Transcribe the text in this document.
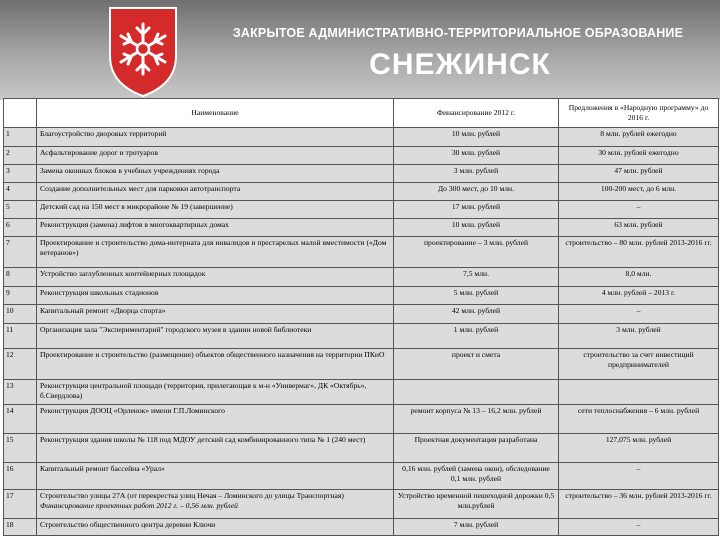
ЗАКРЫТОЕ АДМИНИСТРАТИВНО-ТЕРРИТОРИАЛЬНОЕ ОБРАЗОВАНИЕ
СНЕЖИНСК
	Наименование	Финансирование 2012 г.	Предложения в «Народную программу» до 2016 г.
1	Благоустройство дворовых территорий	10 млн. рублей	8 млн. рублей ежегодно
2	Асфальтирование дорог и тротуаров	30 млн. рублей	30 млн. рублей ежегодно
3	Замена оконных блоков в учебных учреждениях города	3 млн. рублей	47 млн. рублей
4	Создание дополнительных мест для парковки автотранспорта	До 300 мест, до 10 млн.	100-200 мест, до 6 млн.
5	Детский сад на 150 мест в микрорайоне № 19 (завершение)	17 млн. рублей	–
6	Реконструкция (замена) лифтов в многоквартирных домах	10 млн. рублей	63 млн. рублей
7	Проектирование и строительство дома-интерната для инвалидов и престарелых малой вместимости («Дом ветеранов»)	проектирование – 3 млн. рублей	строительство – 80 млн. рублей 2013-2016 гг.
8	Устройство заглубленных контейнерных площадок	7,5 млн.	8,0 млн.
9	Реконструкция школьных стадионов	5 млн. рублей	4 млн. рублей – 2013 г.
10	Капитальный ремонт «Дворца спорта»	42 млн. рублей	–
11	Организация зала "Экспериментарий" городского музея в здании новой библиотеки	1 млн. рублей	3 млн. рублей
12	Проектирование и строительство (размещение) объектов общественного назначения на территории ПКиО	проект и смета	строительство за счет инвестиций предпринимателей
13	Реконструкция центральной площади (территория, прилегающая к м-н «Универмаг», ДК «Октябрь», б.Свердлова)		
14	Реконструкция ДООЦ «Орленок» имени Г.П.Ломинского	ремонт корпуса № 13 – 16,2 млн. рублей	сети теплоснабжения – 6 млн. рублей
15	Реконструкция здания школы № 118 под МДОУ детский сад комбинированного типа № 1 (240 мест)	Проектная документация разработана	127,075 млн. рублей
16	Капитальный ремонт бассейна «Урал»	0,16 млн. рублей (замена окон), обследование 0,1 млн. рублей	–
17	Строительство улицы 27А (от перекрестка улиц Нечая – Ломинского до улицы Транспортная) Финансирование проектных работ 2012 г. – 0,56 млн. рублей	Устройство временной пешеходной дорожки 0,5 млн.рублей	строительство – 36 млн. рублей 2013-2016 гг.
18	Строительство общественного центра деревни Ключи	7 млн. рублей	–
